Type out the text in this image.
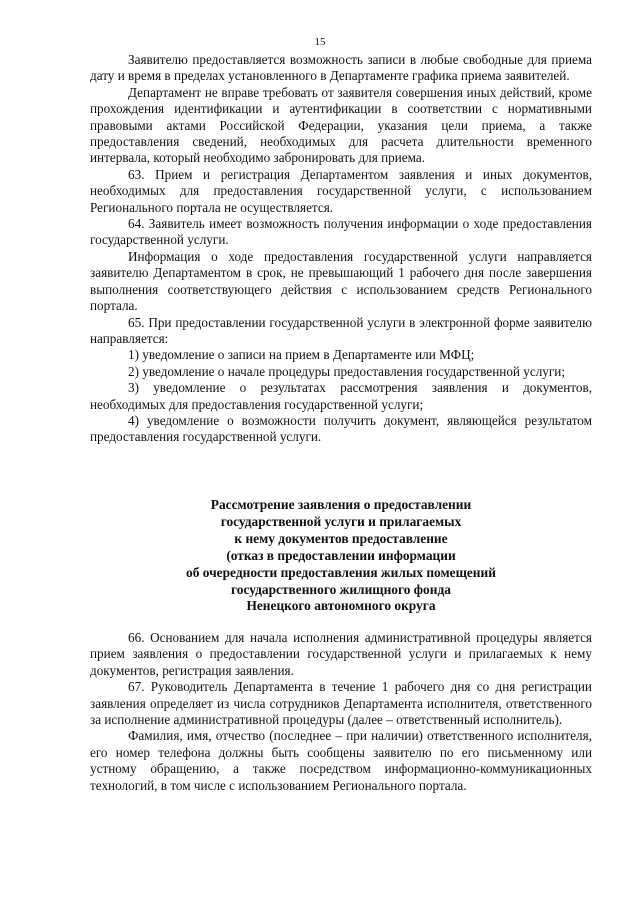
15

Заявителю предоставляется возможность записи в любые свободные для приема дату и время в пределах установленного в Департаменте графика приема заявителей.

Департамент не вправе требовать от заявителя совершения иных действий, кроме прохождения идентификации и аутентификации в соответствии с нормативными правовыми актами Российской Федерации, указания цели приема, а также предоставления сведений, необходимых для расчета длительности временного интервала, который необходимо забронировать для приема.

63. Прием и регистрация Департаментом заявления и иных документов, необходимых для предоставления государственной услуги, с использованием Регионального портала не осуществляется.

64. Заявитель имеет возможность получения информации о ходе предоставления государственной услуги.

Информация о ходе предоставления государственной услуги направляется заявителю Департаментом в срок, не превышающий 1 рабочего дня после завершения выполнения соответствующего действия с использованием средств Регионального портала.

65. При предоставлении государственной услуги в электронной форме заявителю направляется:

1) уведомление о записи на прием в Департаменте или МФЦ;

2) уведомление о начале процедуры предоставления государственной услуги;

3) уведомление о результатах рассмотрения заявления и документов, необходимых для предоставления государственной услуги;

4) уведомление о возможности получить документ, являющейся результатом предоставления государственной услуги.

Рассмотрение заявления о предоставлении
государственной услуги и прилагаемых
к нему документов предоставление
(отказ в предоставлении информации
об очередности предоставления жилых помещений
государственного жилищного фонда
Ненецкого автономного округа

66. Основанием для начала исполнения административной процедуры является прием заявления о предоставлении государственной услуги и прилагаемых к нему документов, регистрация заявления.

67. Руководитель Департамента в течение 1 рабочего дня со дня регистрации заявления определяет из числа сотрудников Департамента исполнителя, ответственного за исполнение административной процедуры (далее – ответственный исполнитель).

Фамилия, имя, отчество (последнее – при наличии) ответственного исполнителя, его номер телефона должны быть сообщены заявителю по его письменному или устному обращению, а также посредством информационно-коммуникационных технологий, в том числе с использованием Регионального портала.
